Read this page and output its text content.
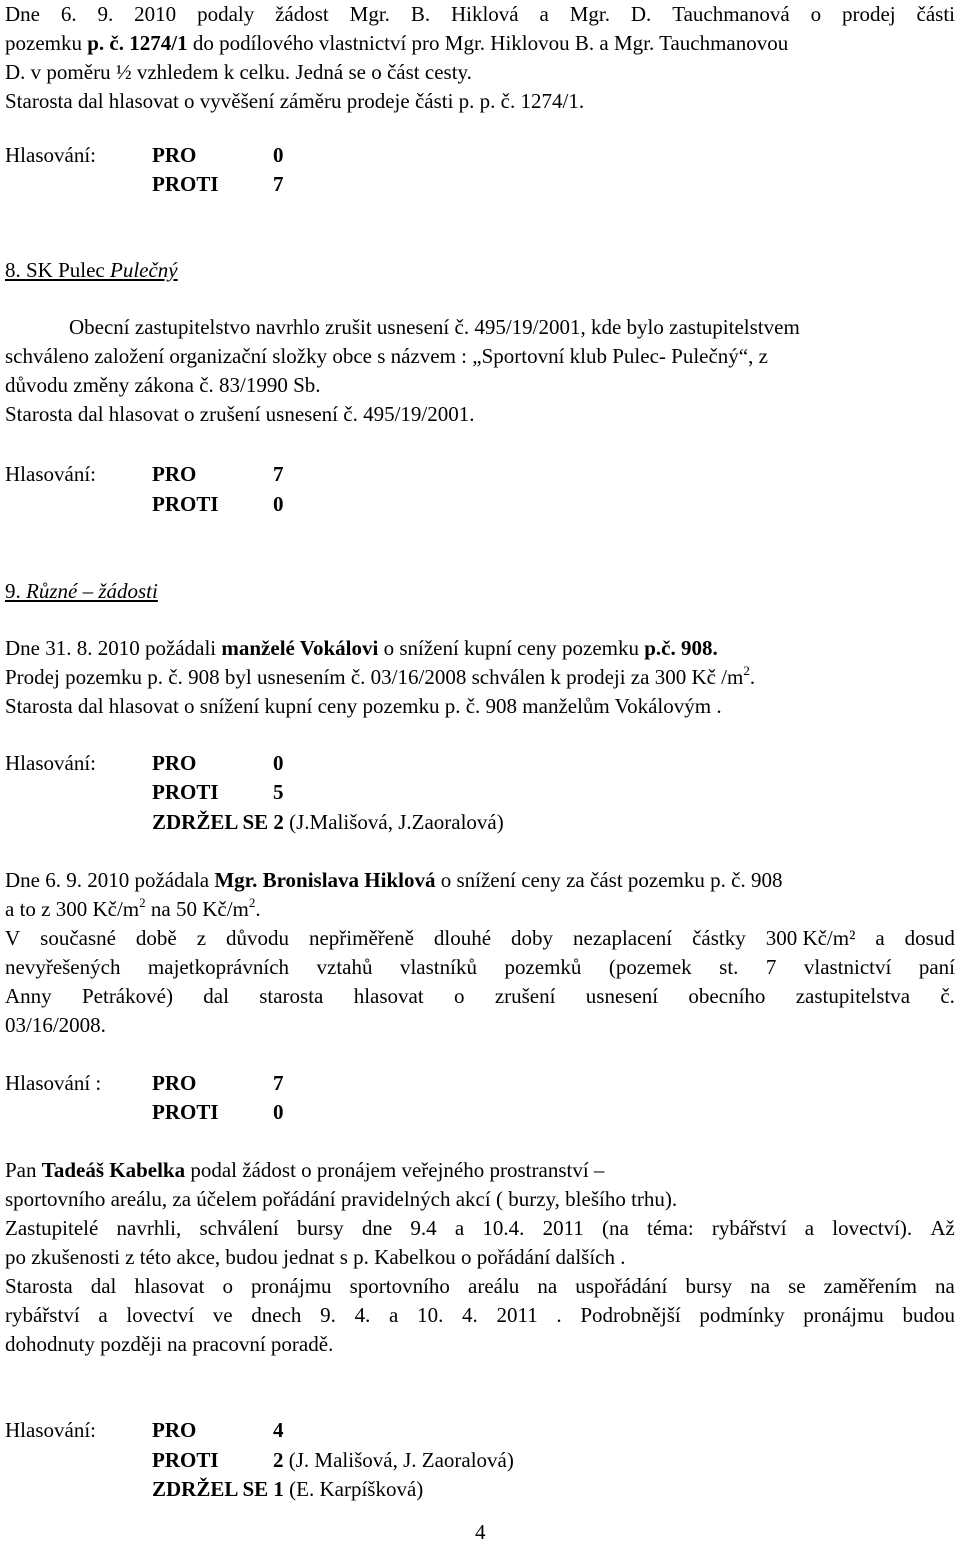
Dne 6. 9. 2010 podaly žádost Mgr. B. Hiklová a Mgr. D. Tauchmanová o prodej části
pozemku p. č. 1274/1 do podílového vlastnictví pro Mgr. Hiklovou B. a Mgr. Tauchmanovou
D. v poměru ½ vzhledem k celku. Jedná se o část cesty.
Starosta dal hlasovat o vyvěšení záměru prodeje části p. p. č. 1274/1.
Hlasování:	PRO	0
PROTI	7
8. SK Pulec Pulečný
Obecní zastupitelstvo navrhlo zrušit usnesení č. 495/19/2001, kde bylo zastupitelstvem
schváleno založení organizační složky obce s názvem : „Sportovní klub Pulec- Pulečný“, z
důvodu změny zákona č. 83/1990 Sb.
Starosta dal hlasovat o zrušení usnesení č. 495/19/2001.
Hlasování:	PRO	7
PROTI	0
9. Různé – žádosti
Dne 31. 8. 2010 požádali manželé Vokálovi o snížení kupní ceny pozemku p.č. 908.
Prodej pozemku p. č. 908 byl usnesením č. 03/16/2008 schválen k prodeji za 300 Kč $/m^2$.
Starosta dal hlasovat o snížení kupní ceny pozemku p. č. 908 manželům Vokálovým .
Hlasování:	PRO	0
PROTI	5
ZDRŽEL SE 2 (J.Mališová, J.Zaoralová)
Dne 6. 9. 2010 požádala Mgr. Bronislava Hiklová o snížení ceny za část pozemku p. č. 908
a to z 300 $Kč/m^2$ na 50 $Kč/m^2$.
V současné době z důvodu nepřiměřeně dlouhé doby nezaplacení částky 300 Kč/m² a dosud
nevyřešených majetkoprávních vztahů vlastníků pozemků (pozemek st. 7 vlastnictví paní
Anny Petrákové) dal starosta hlasovat o zrušení usnesení obecního zastupitelstva č.
03/16/2008.
Hlasování : PRO	7
PROTI	0
Pan Tadeáš Kabelka podal žádost o pronájem veřejného prostranství –
sportovního areálu, za účelem pořádání pravidelných akcí ( burzy, blešího trhu).
Zastupitelé navrhli, schválení bursy dne 9.4 a 10.4. 2011 (na téma: rybářství a lovectví). Až
po zkušenosti z této akce, budou jednat s p. Kabelkou o pořádání dalších .
Starosta dal hlasovat o pronájmu sportovního areálu na uspořádání bursy na se zaměřením na
rybářství a lovectví ve dnech 9. 4. a 10. 4. 2011 . Podrobnější podmínky pronájmu budou
dohodnuty později na pracovní poradě.
Hlasování:	PRO	4
PROTI	2 (J. Mališová, J. Zaoralová)
ZDRŽEL SE 1 (E. Karpíšková)
4
